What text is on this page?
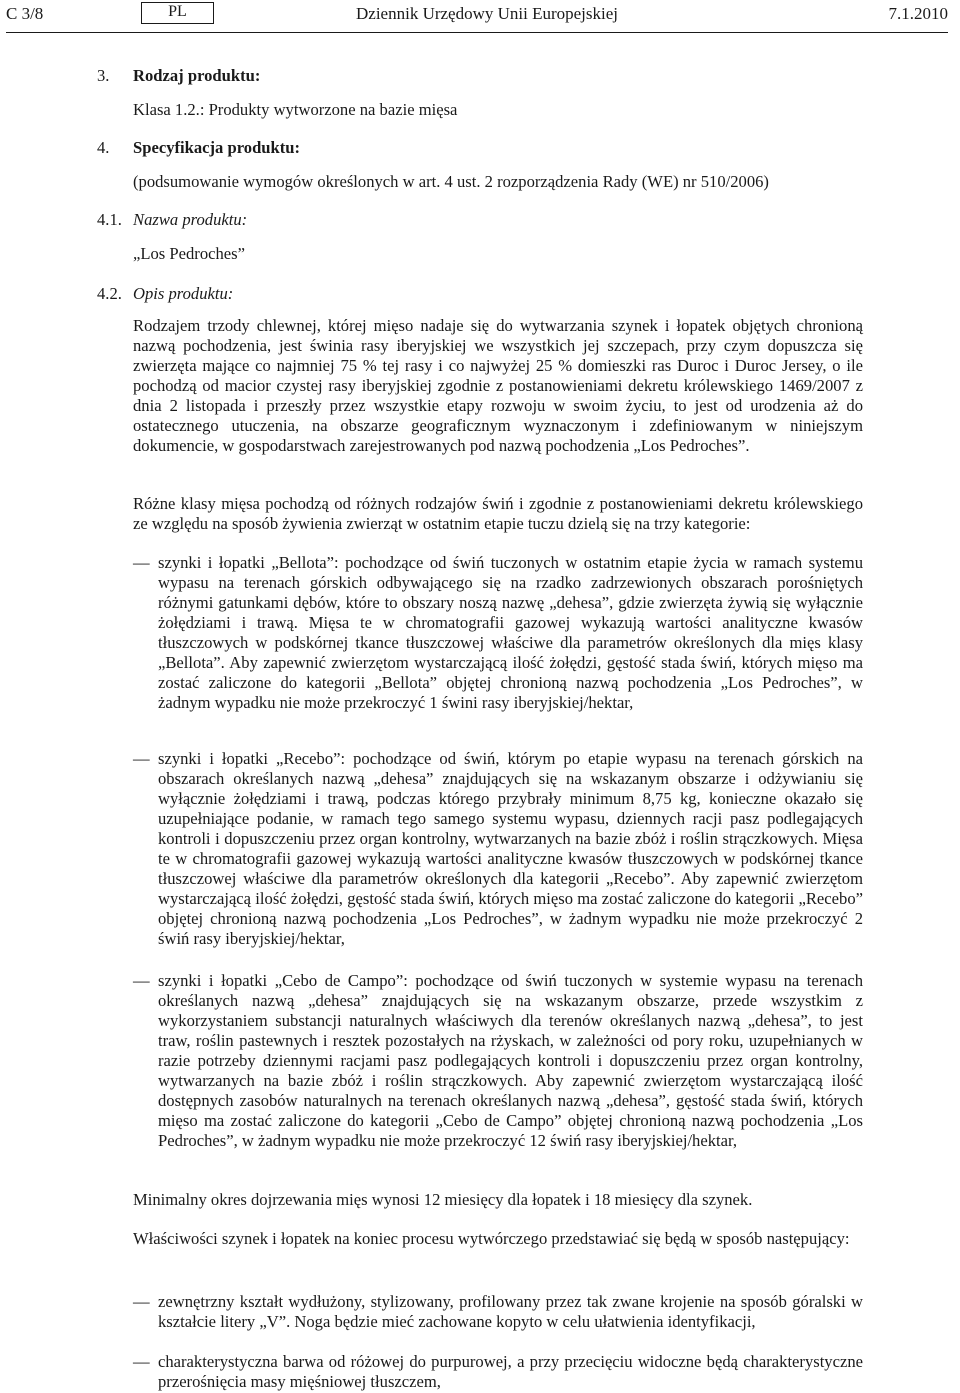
C 3/8	PL	Dziennik Urzędowy Unii Europejskiej	7.1.2010
3. Rodzaj produktu:
Klasa 1.2.: Produkty wytworzone na bazie mięsa
4. Specyfikacja produktu:
(podsumowanie wymogów określonych w art. 4 ust. 2 rozporządzenia Rady (WE) nr 510/2006)
4.1. Nazwa produktu:
„Los Pedroches”
4.2. Opis produktu:
Rodzajem trzody chlewnej, której mięso nadaje się do wytwarzania szynek i łopatek objętych chronioną nazwą pochodzenia, jest świnia rasy iberyjskiej we wszystkich jej szczepach, przy czym dopuszcza się zwierzęta mające co najmniej 75 % tej rasy i co najwyżej 25 % domieszki ras Duroc i Duroc Jersey, o ile pochodzą od macior czystej rasy iberyjskiej zgodnie z postanowieniami dekretu królewskiego 1469/2007 z dnia 2 listopada i przeszły przez wszystkie etapy rozwoju w swoim życiu, to jest od urodzenia aż do ostatecznego utuczenia, na obszarze geograficznym wyznaczonym i zdefiniowanym w niniejszym dokumencie, w gospodarstwach zarejestrowanych pod nazwą pochodzenia „Los Pedroches”.
Różne klasy mięsa pochodzą od różnych rodzajów świń i zgodnie z postanowieniami dekretu królewskiego ze względu na sposób żywienia zwierząt w ostatnim etapie tuczu dzielą się na trzy kategorie:
— szynki i łopatki „Bellota”: pochodzące od świń tuczonych w ostatnim etapie życia w ramach systemu wypasu na terenach górskich odbywającego się na rzadko zadrzewionych obszarach porośniętych różnymi gatunkami dębów, które to obszary noszą nazwę „dehesa”, gdzie zwierzęta żywią się wyłącznie żołędziami i trawą. Mięsa te w chromatografii gazowej wykazują wartości analityczne kwasów tłuszczowych w podskórnej tkance tłuszczowej właściwe dla parametrów określonych dla mięs klasy „Bellota”. Aby zapewnić zwierzętom wystarczającą ilość żołędzi, gęstość stada świń, których mięso ma zostać zaliczone do kategorii „Bellota” objętej chronioną nazwą pochodzenia „Los Pedroches”, w żadnym wypadku nie może przekroczyć 1 świni rasy iberyjskiej/hektar,
— szynki i łopatki „Recebo”: pochodzące od świń, którym po etapie wypasu na terenach górskich na obszarach określanych nazwą „dehesa” znajdujących się na wskazanym obszarze i odżywianiu się wyłącznie żołędziami i trawą, podczas którego przybrały minimum 8,75 kg, konieczne okazało się uzupełniające podanie, w ramach tego samego systemu wypasu, dziennych racji pasz podlegających kontroli i dopuszczeniu przez organ kontrolny, wytwarzanych na bazie zbóż i roślin strączkowych. Mięsa te w chromatografii gazowej wykazują wartości analityczne kwasów tłuszczowych w podskórnej tkance tłuszczowej właściwe dla parametrów określonych dla kategorii „Recebo”. Aby zapewnić zwierzętom wystarczającą ilość żołędzi, gęstość stada świń, których mięso ma zostać zaliczone do kategorii „Recebo” objętej chronioną nazwą pochodzenia „Los Pedroches”, w żadnym wypadku nie może przekroczyć 2 świń rasy iberyjskiej/hektar,
— szynki i łopatki „Cebo de Campo”: pochodzące od świń tuczonych w systemie wypasu na terenach określanych nazwą „dehesa” znajdujących się na wskazanym obszarze, przede wszystkim z wykorzystaniem substancji naturalnych właściwych dla terenów określanych nazwą „dehesa”, to jest traw, roślin pastewnych i resztek pozostałych na rżyskach, w zależności od pory roku, uzupełnianych w razie potrzeby dziennymi racjami pasz podlegających kontroli i dopuszczeniu przez organ kontrolny, wytwarzanych na bazie zbóż i roślin strączkowych. Aby zapewnić zwierzętom wystarczającą ilość dostępnych zasobów naturalnych na terenach określanych nazwą „dehesa”, gęstość stada świń, których mięso ma zostać zaliczone do kategorii „Cebo de Campo” objętej chronioną nazwą pochodzenia „Los Pedroches”, w żadnym wypadku nie może przekroczyć 12 świń rasy iberyjskiej/hektar,
Minimalny okres dojrzewania mięs wynosi 12 miesięcy dla łopatek i 18 miesięcy dla szynek.
Właściwości szynek i łopatek na koniec procesu wytwórczego przedstawiać się będą w sposób następujący:
— zewnętrzny kształt wydłużony, stylizowany, profilowany przez tak zwane krojenie na sposób góralski w kształcie litery „V”. Noga będzie mieć zachowane kopyto w celu ułatwienia identyfikacji,
— charakterystyczna barwa od różowej do purpurowej, a przy przecięciu widoczne będą charakterystyczne przerośnięcia masy mięśniowej tłuszczem,
